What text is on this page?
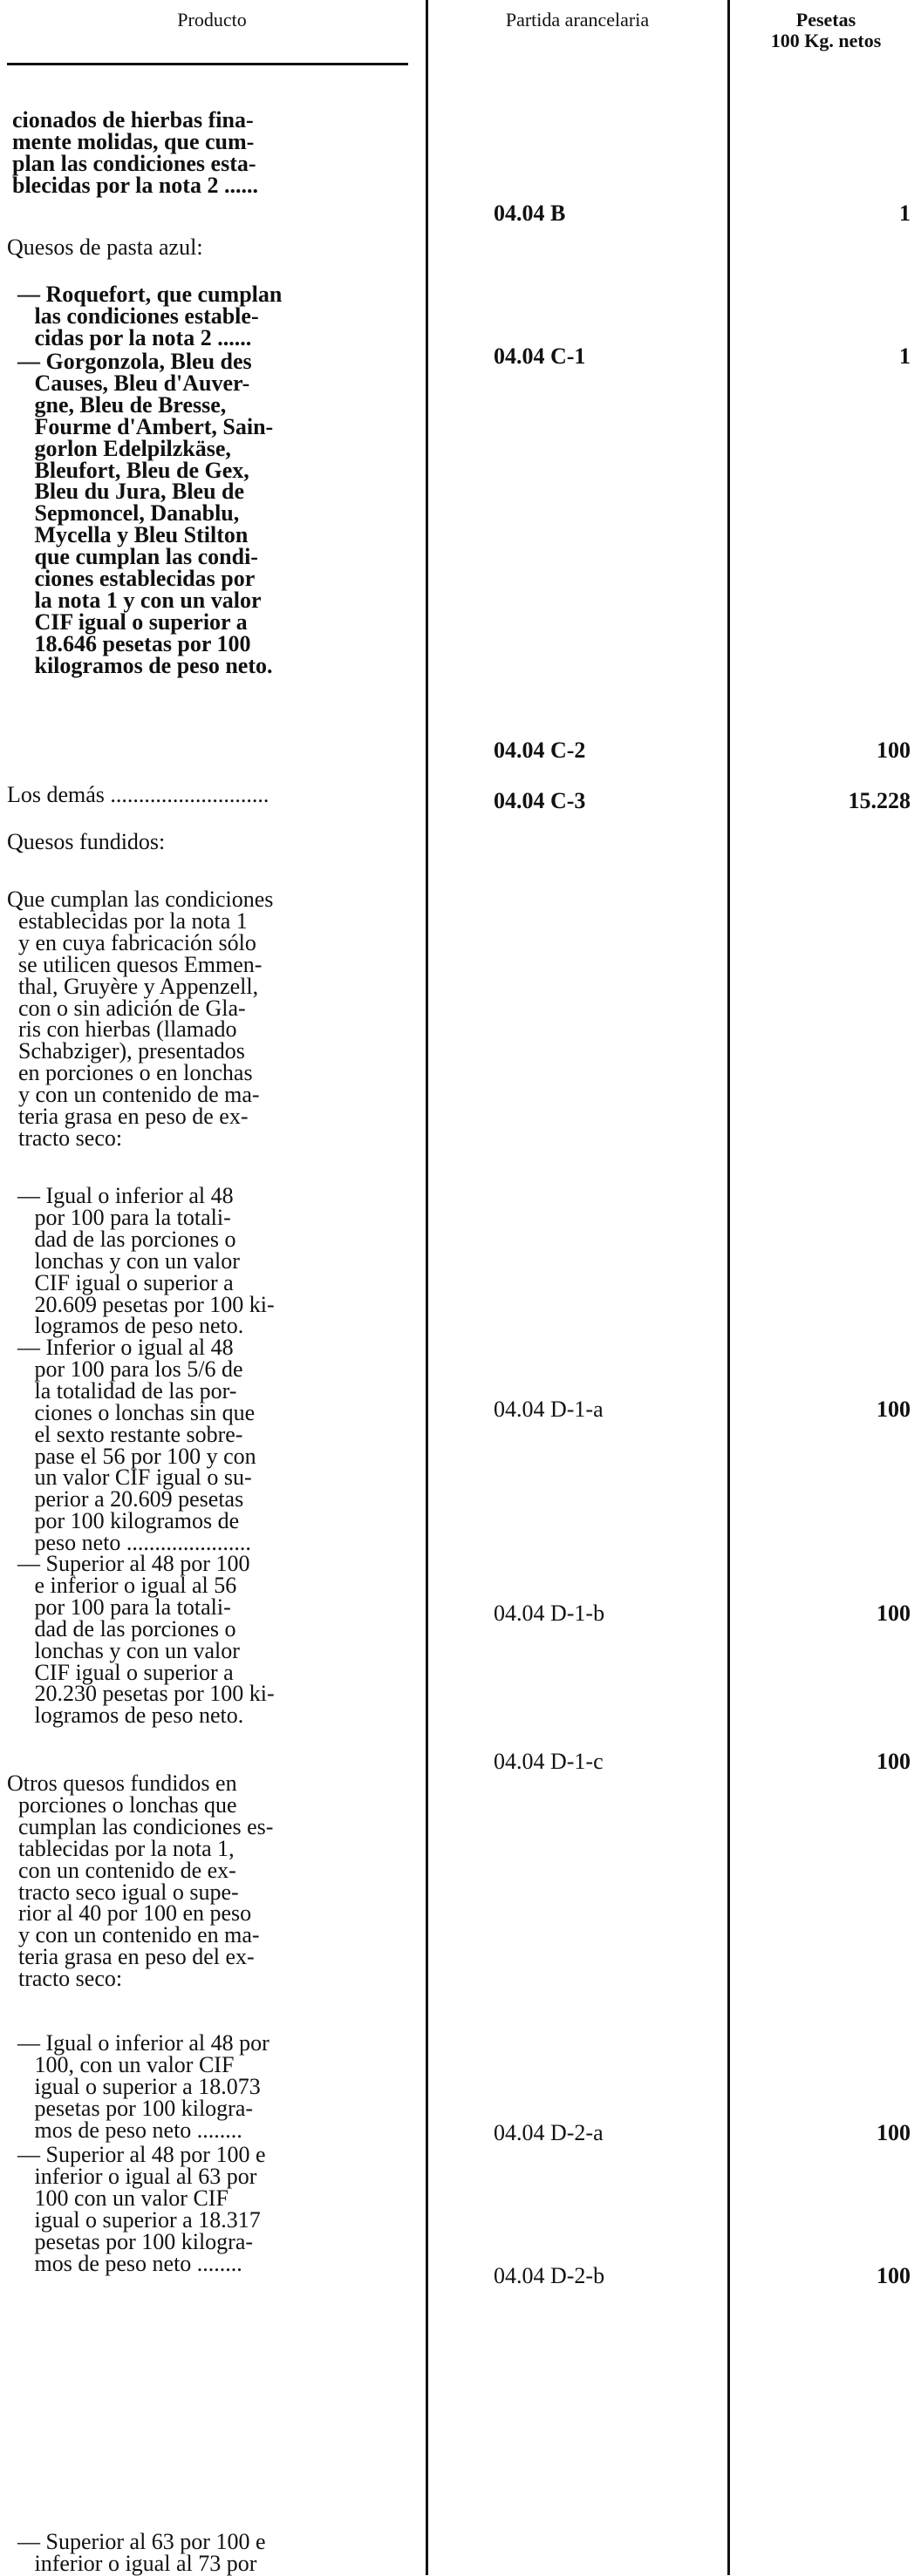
Producto	Partida arancelaria	Pesetas
100 Kg. netos
cionados de hierbas fina-
mente molidas, que cum-
plan las condiciones esta-
blecidas por la nota 2 ......
Quesos de pasta azul:
— Roquefort, que cumplan
las condiciones estable-
cidas por la nota 2 ......
— Gorgonzola, Bleu des
Causes, Bleu d'Auver-
gne, Bleu de Bresse,
Fourme d'Ambert, Sain-
gorlon Edelpilzkäse,
Bleufort, Bleu de Gex,
Bleu du Jura, Bleu de
Sepmoncel, Danablu,
Mycella y Bleu Stilton
que cumplan las condi-
ciones establecidas por
la nota 1 y con un valor
CIF igual o superior a
18.646 pesetas por 100
kilogramos de peso neto.
Los demás ............................
Quesos fundidos:
Que cumplan las condiciones
establecidas por la nota 1
y en cuya fabricación sólo
se utilicen quesos Emmen-
thal, Gruyère y Appenzell,
con o sin adición de Gla-
ris con hierbas (llamado
Schabziger), presentados
en porciones o en lonchas
y con un contenido de ma-
teria grasa en peso de ex-
tracto seco:
— Igual o inferior al 48
por 100 para la totali-
dad de las porciones o
lonchas y con un valor
CIF igual o superior a
20.609 pesetas por 100 ki-
logramos de peso neto.
— Inferior o igual al 48
por 100 para los 5/6 de
la totalidad de las por-
ciones o lonchas sin que
el sexto restante sobre-
pase el 56 por 100 y con
un valor CIF igual o su-
perior a 20.609 pesetas
por 100 kilogramos de
peso neto ......................
— Superior al 48 por 100
e inferior o igual al 56
por 100 para la totali-
dad de las porciones o
lonchas y con un valor
CIF igual o superior a
20.230 pesetas por 100 ki-
logramos de peso neto.
Otros quesos fundidos en
porciones o lonchas que
cumplan las condiciones es-
tablecidas por la nota 1,
con un contenido de ex-
tracto seco igual o supe-
rior al 40 por 100 en peso
y con un contenido en ma-
teria grasa en peso del ex-
tracto seco:
— Igual o inferior al 48 por
100, con un valor CIF
igual o superior a 18.073
pesetas por 100 kilogra-
mos de peso neto ........
— Superior al 48 por 100 e
inferior o igual al 63 por
100 con un valor CIF
igual o superior a 18.317
pesetas por 100 kilogra-
mos de peso neto ........
— Superior al 63 por 100 e
inferior o igual al 73 por
04.04 B
04.04 C-1
04.04 C-2
04.04 C-3
04.04 D-1-a
04.04 D-1-b
04.04 D-1-c
04.04 D-2-a
04.04 D-2-b
1
1
100
15.228
100
100
100
100
100
